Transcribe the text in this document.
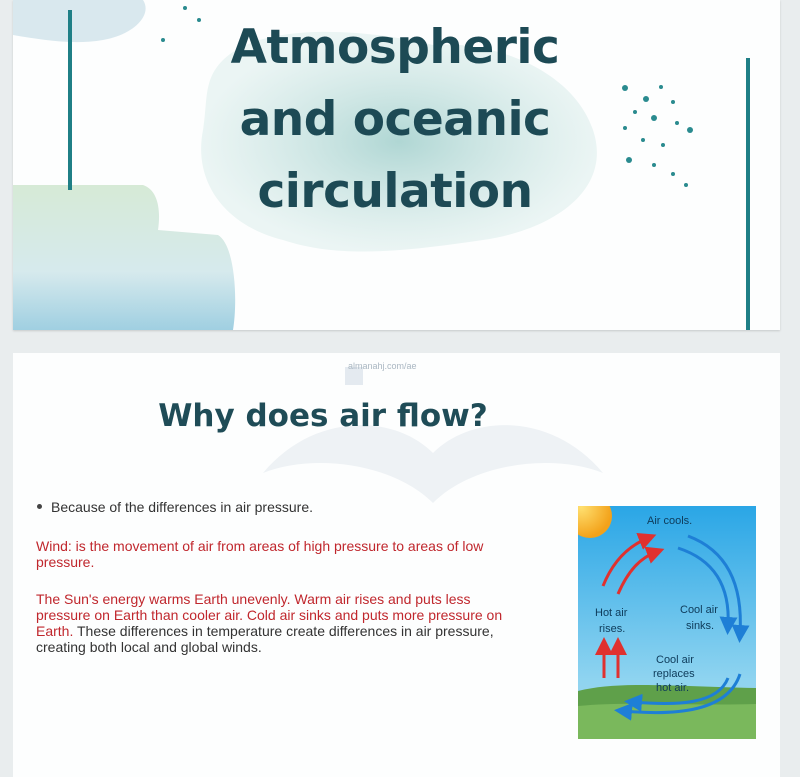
Atmospheric
and oceanic
circulation
almanahj.com/ae
Why does air flow?
Because of the differences in air pressure.
Wind: is the movement of air from areas of high pressure to areas of low pressure.
The Sun's energy warms Earth unevenly. Warm air rises and puts less pressure on Earth than cooler air. Cold air sinks and puts more pressure on Earth. These differences in temperature create differences in air pressure, creating both local and global winds.
Air cools.
Hot air rises.
Cool air sinks.
Cool air replaces hot air.
